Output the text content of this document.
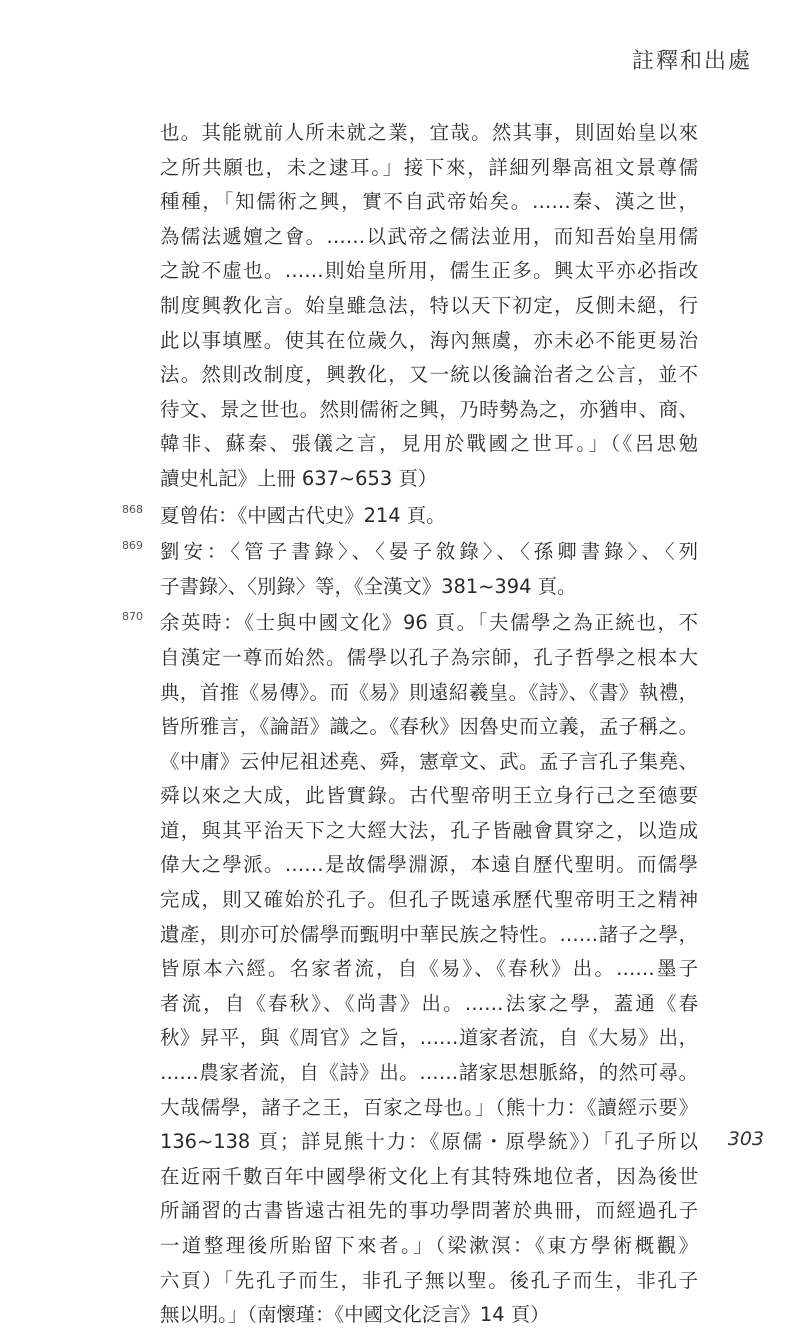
註釋和出處
也。其能就前人所未就之業，宜哉。然其事，則固始皇以來
之所共願也，未之逮耳。」接下來，詳細列舉高祖文景尊儒
種種，「知儒術之興，實不自武帝始矣。……秦、漢之世，
為儒法遞嬗之會。……以武帝之儒法並用，而知吾始皇用儒
之說不虛也。……則始皇所用，儒生正多。興太平亦必指改
制度興教化言。始皇雖急法，特以天下初定，反側未絕，行
此以事填壓。使其在位歲久，海內無虞，亦未必不能更易治
法。然則改制度，興教化，又一統以後論治者之公言，並不
待文、景之世也。然則儒術之興，乃時勢為之，亦猶申、商、
韓非、蘇秦、張儀之言，見用於戰國之世耳。」（《呂思勉
讀史札記》上冊 637~653 頁）
868 夏曾佑：《中國古代史》214 頁。
869 劉安：〈管子書錄〉、〈晏子敘錄〉、〈孫卿書錄〉、〈列
子書錄〉、〈別錄〉等，《全漢文》381~394 頁。
870 余英時：《士與中國文化》96 頁。「夫儒學之為正統也，不
自漢定一尊而始然。儒學以孔子為宗師，孔子哲學之根本大
典，首推《易傳》。而《易》則遠紹羲皇。《詩》、《書》執禮，
皆所雅言，《論語》識之。《春秋》因魯史而立義，孟子稱之。
《中庸》云仲尼祖述堯、舜，憲章文、武。孟子言孔子集堯、
舜以來之大成，此皆實錄。古代聖帝明王立身行己之至德要
道，與其平治天下之大經大法，孔子皆融會貫穿之，以造成
偉大之學派。……是故儒學淵源，本遠自歷代聖明。而儒學
完成，則又確始於孔子。但孔子既遠承歷代聖帝明王之精神
遺產，則亦可於儒學而甄明中華民族之特性。……諸子之學，
皆原本六經。名家者流，自《易》、《春秋》出。……墨子
者流，自《春秋》、《尚書》出。……法家之學，蓋通《春
秋》昇平，與《周官》之旨，……道家者流，自《大易》出，
……農家者流，自《詩》出。……諸家思想脈絡，的然可尋。
大哉儒學，諸子之王，百家之母也。」（熊十力：《讀經示要》
136~138 頁；詳見熊十力：《原儒・原學統》）「孔子所以
在近兩千數百年中國學術文化上有其特殊地位者，因為後世
所誦習的古書皆遠古祖先的事功學問著於典冊，而經過孔子
一道整理後所貽留下來者。」（梁漱溟：《東方學術概觀》
六頁）「先孔子而生，非孔子無以聖。後孔子而生，非孔子
無以明。」（南懷瑾：《中國文化泛言》14 頁）
303
